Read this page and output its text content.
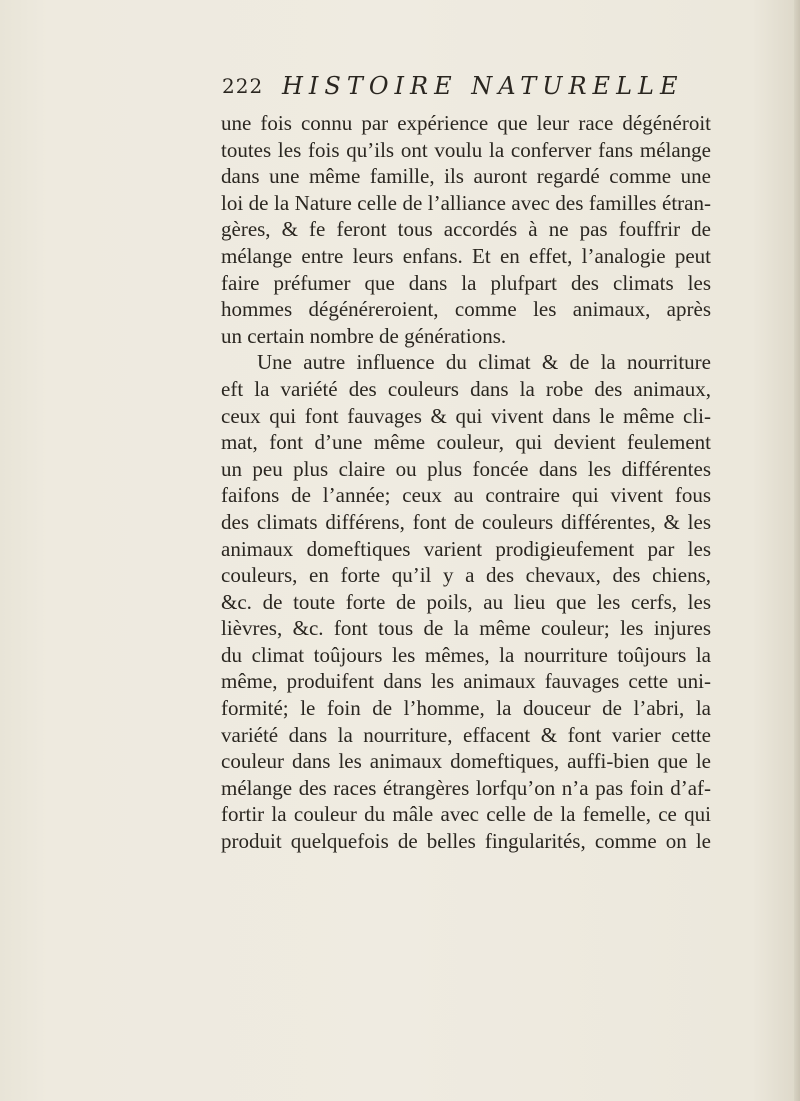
222 HISTOIRE NATURELLE
une fois connu par expérience que leur race dégénéroit
toutes les fois qu’ils ont voulu la conferver fans mélange
dans une même famille, ils auront regardé comme une
loi de la Nature celle de l’alliance avec des familles étran-
gères, & fe feront tous accordés à ne pas fouffrir de
mélange entre leurs enfans. Et en effet, l’analogie peut
faire préfumer que dans la plufpart des climats les
hommes dégénéreroient, comme les animaux, après
un certain nombre de générations.
Une autre influence du climat & de la nourriture
eft la variété des couleurs dans la robe des animaux,
ceux qui font fauvages & qui vivent dans le même cli-
mat, font d’une même couleur, qui devient feulement
un peu plus claire ou plus foncée dans les différentes
faifons de l’année; ceux au contraire qui vivent fous
des climats différens, font de couleurs différentes, & les
animaux domeftiques varient prodigieufement par les
couleurs, en forte qu’il y a des chevaux, des chiens,
&c. de toute forte de poils, au lieu que les cerfs, les
lièvres, &c. font tous de la même couleur; les injures
du climat toûjours les mêmes, la nourriture toûjours la
même, produifent dans les animaux fauvages cette uni-
formité; le foin de l’homme, la douceur de l’abri, la
variété dans la nourriture, effacent & font varier cette
couleur dans les animaux domeftiques, auffi-bien que le
mélange des races étrangères lorfqu’on n’a pas foin d’af-
fortir la couleur du mâle avec celle de la femelle, ce qui
produit quelquefois de belles fingularités, comme on le
